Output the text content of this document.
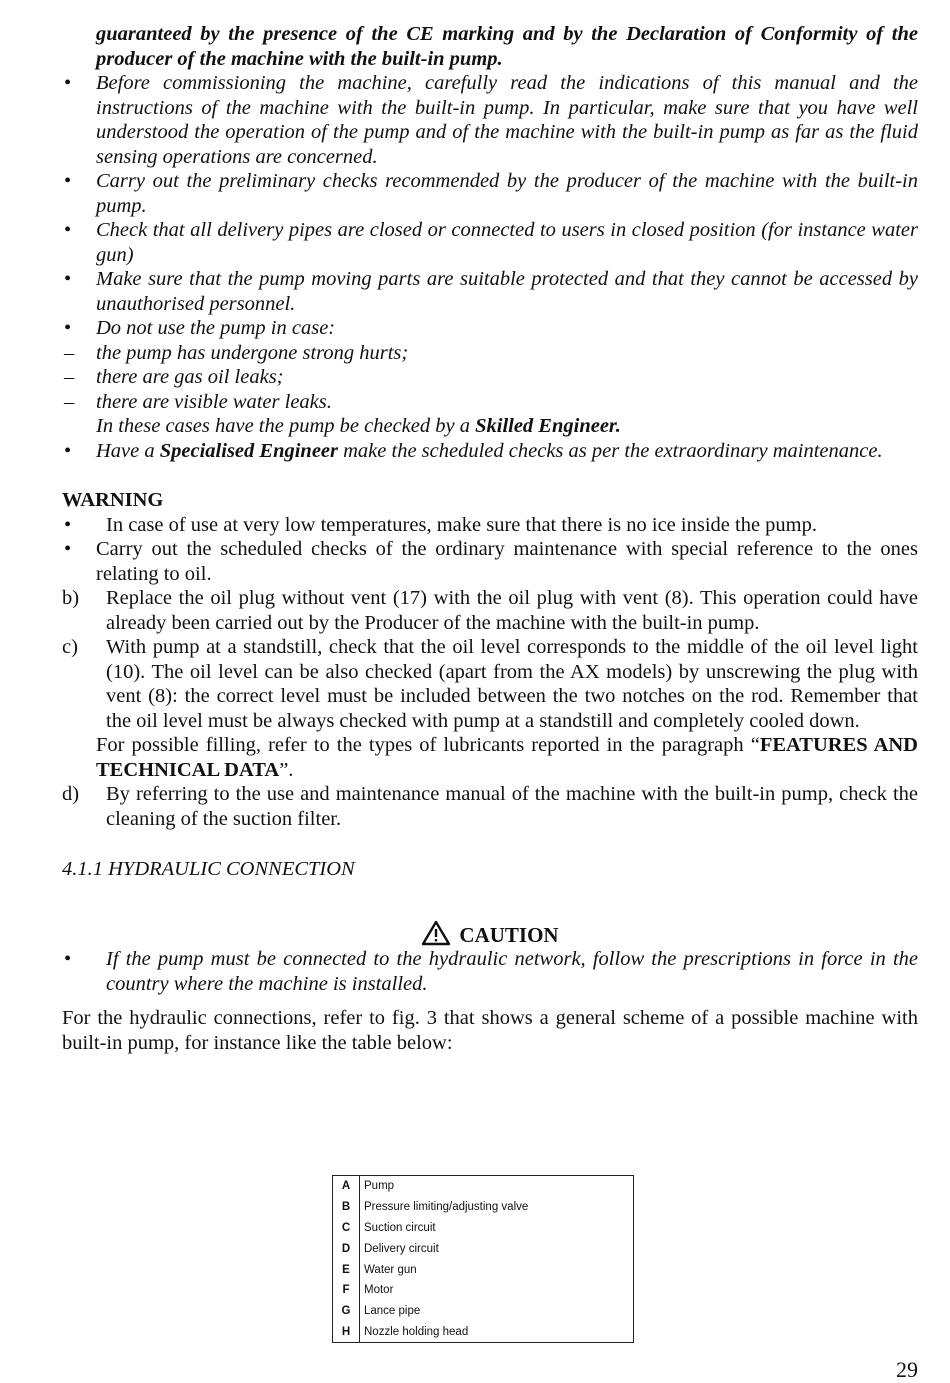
guaranteed by the presence of the CE marking and by the Declaration of Conformity of the producer of the machine with the built-in pump.
• Before commissioning the machine, carefully read the indications of this manual and the instructions of the machine with the built-in pump. In particular, make sure that you have well understood the operation of the pump and of the machine with the built-in pump as far as the fluid sensing operations are concerned.
• Carry out the preliminary checks recommended by the producer of the machine with the built-in pump.
• Check that all delivery pipes are closed or connected to users in closed position (for instance water gun)
• Make sure that the pump moving parts are suitable protected and that they cannot be accessed by unauthorised personnel.
• Do not use the pump in case:
– the pump has undergone strong hurts;
– there are gas oil leaks;
– there are visible water leaks.
In these cases have the pump be checked by a Skilled Engineer.
• Have a Specialised Engineer make the scheduled checks as per the extraordinary maintenance.
WARNING
• In case of use at very low temperatures, make sure that there is no ice inside the pump.
• Carry out the scheduled checks of the ordinary maintenance with special reference to the ones relating to oil.
b) Replace the oil plug without vent (17) with the oil plug with vent (8). This operation could have already been carried out by the Producer of the machine with the built-in pump.
c) With pump at a standstill, check that the oil level corresponds to the middle of the oil level light (10). The oil level can be also checked (apart from the AX models) by unscrewing the plug with vent (8): the correct level must be included between the two notches on the rod. Remember that the oil level must be always checked with pump at a standstill and completely cooled down.
For possible filling, refer to the types of lubricants reported in the paragraph “FEATURES AND TECHNICAL DATA”.
d) By referring to the use and maintenance manual of the machine with the built-in pump, check the cleaning of the suction filter.
4.1.1 HYDRAULIC CONNECTION
CAUTION
• If the pump must be connected to the hydraulic network, follow the prescriptions in force in the country where the machine is installed.
For the hydraulic connections, refer to fig. 3 that shows a general scheme of a possible machine with built-in pump, for instance like the table below:
A	Pump
B	Pressure limiting/adjusting valve
C	Suction circuit
D	Delivery circuit
E	Water gun
F	Motor
G	Lance pipe
H	Nozzle holding head
29
